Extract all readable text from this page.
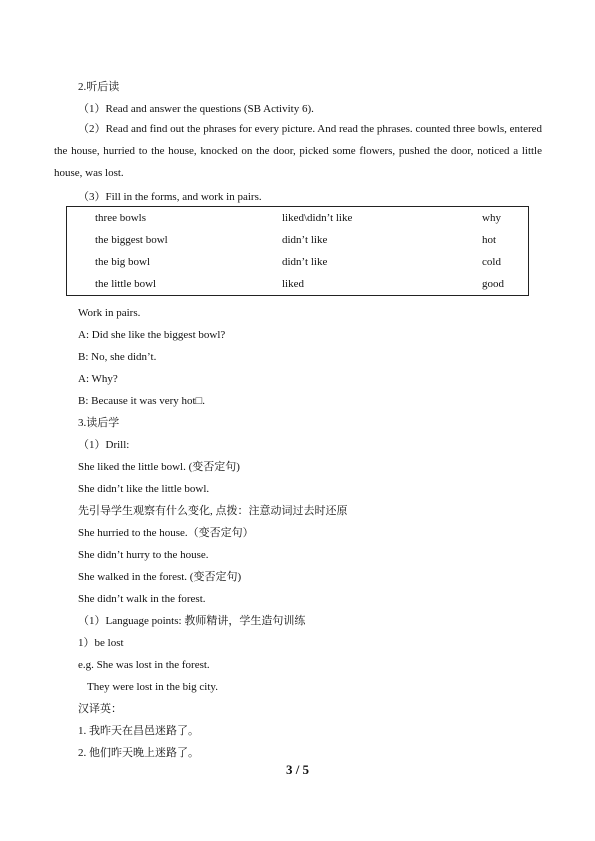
2.听后读
（1）Read and answer the questions (SB Activity 6).
（2）Read and find out the phrases for every picture. And read the phrases. counted three bowls, entered the house, hurried to the house, knocked on the door, picked some flowers, pushed the door, noticed a little house, was lost.
（3）Fill in the forms, and work in pairs.
three bowls	liked\didn’t like	why
the biggest bowl	didn’t like	hot
the big bowl	didn’t like	cold
the little bowl	liked	good
Work in pairs.
A: Did she like the biggest bowl?
B: No, she didn’t.
A: Why?
B: Because it was very hot□.
3.读后学
（1）Drill:
She liked the little bowl. (变否定句)
She didn’t like the little bowl.
先引导学生观察有什么变化, 点拨：注意动词过去时还原
She hurried to the house.（变否定句）
She didn’t hurry to the house.
She walked in the forest. (变否定句)
She didn’t walk in the forest.
（1）Language points: 教师精讲，学生造句训练
1）be lost
e.g. She was lost in the forest.
They were lost in the big city.
汉译英：
1. 我昨天在昌邑迷路了。
2. 他们昨天晚上迷路了。
3 / 5
